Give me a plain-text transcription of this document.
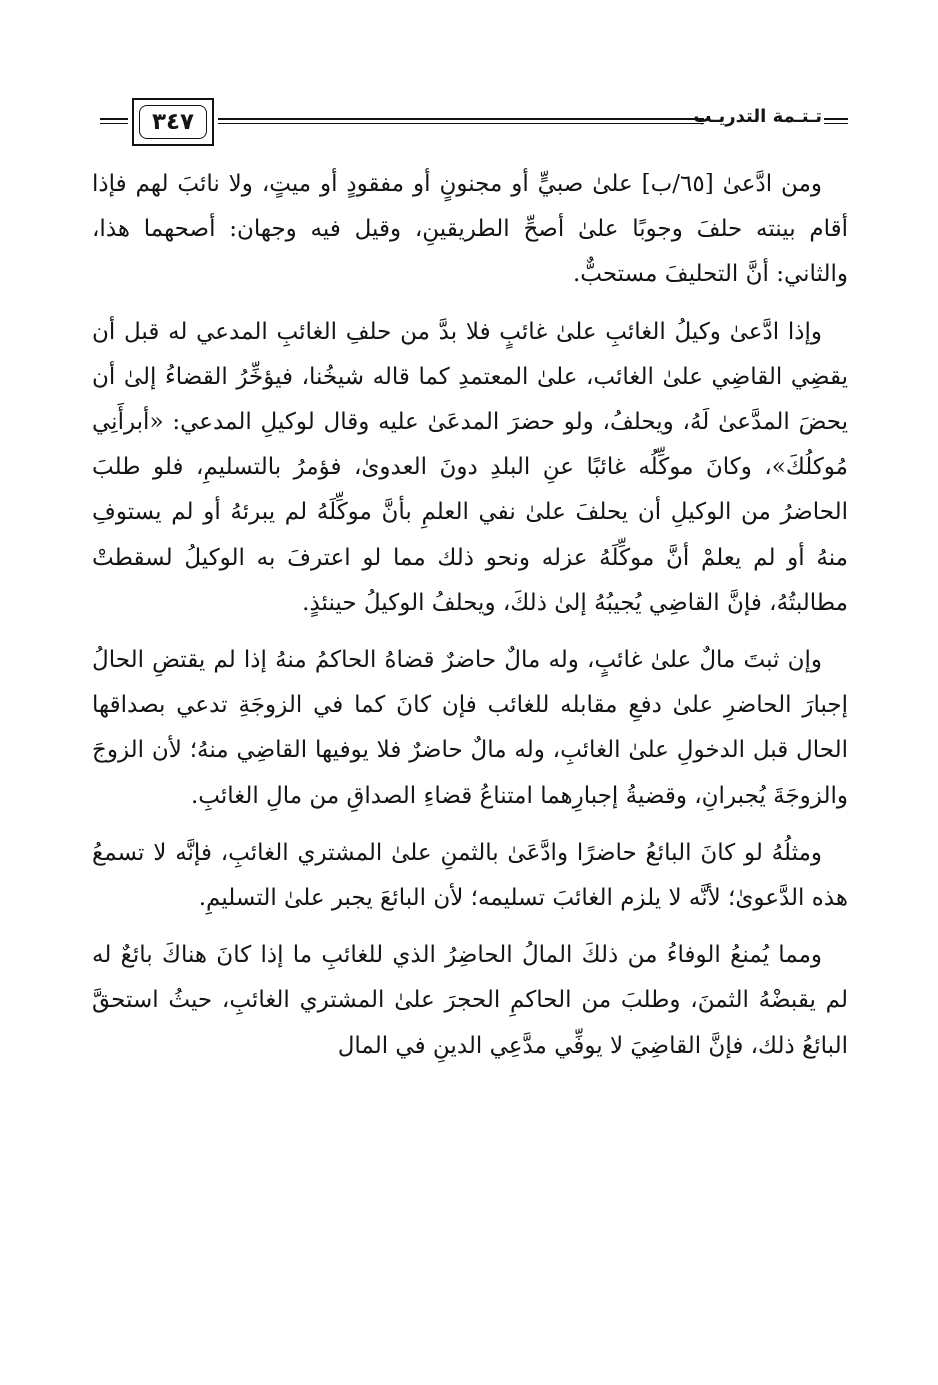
٣٤٧	تـتـمة التدريـب

ومن ادَّعىٰ [٦٥/ب] علىٰ صبيٍّ أو مجنونٍ أو مفقودٍ أو ميتٍ، ولا نائبَ لهم فإذا أقام بينته حلفَ وجوبًا علىٰ أصحِّ الطريقينِ، وقيل فيه وجهان: أصحهما هذا، والثاني: أنَّ التحليفَ مستحبٌّ.

وإذا ادَّعىٰ وكيلُ الغائبِ علىٰ غائبٍ فلا بدَّ من حلفِ الغائبِ المدعي له قبل أن يقضِي القاضِي علىٰ الغائب، علىٰ المعتمدِ كما قاله شيخُنا، فيؤخِّرُ القضاءُ إلىٰ أن يحضَ المدَّعىٰ لَهُ، ويحلفُ، ولو حضرَ المدعَىٰ عليه وقال لوكيلِ المدعي: «أبرأَنِي مُوكلُكَ»، وكانَ موكِّلُه غائبًا عنِ البلدِ دونَ العدوىٰ، فؤمرُ بالتسليمِ، فلو طلبَ الحاضرُ من الوكيلِ أن يحلفَ علىٰ نفي العلمِ بأنَّ موكِّلَهُ لم يبرئهُ أو لم يستوفِ منهُ أو لم يعلمْ أنَّ موكِّلَهُ عزله ونحو ذلك مما لو اعترفَ به الوكيلُ لسقطتْ مطالبتُهُ، فإنَّ القاضِي يُجيبُهُ إلىٰ ذلكَ، ويحلفُ الوكيلُ حينئذٍ.

وإن ثبتَ مالٌ علىٰ غائبٍ، وله مالٌ حاضرٌ قضاهُ الحاكمُ منهُ إذا لم يقتضِ الحالُ إجبارَ الحاضرِ علىٰ دفعِ مقابله للغائب فإن كانَ كما في الزوجَةِ تدعي بصداقها الحال قبل الدخولِ علىٰ الغائبِ، وله مالٌ حاضرٌ فلا يوفيها القاضِي منهُ؛ لأن الزوجَ والزوجَةَ يُجبرانِ، وقضيةُ إجبارِهما امتناعُ قضاءِ الصداقِ من مالِ الغائبِ.

ومثلُهُ لو كانَ البائعُ حاضرًا وادَّعَىٰ بالثمنِ علىٰ المشتري الغائبِ، فإنَّه لا تسمعُ هذه الدَّعوىٰ؛ لأنَّه لا يلزم الغائبَ تسليمه؛ لأن البائعَ يجبر علىٰ التسليمِ.

ومما يُمنعُ الوفاءُ من ذلكَ المالُ الحاضِرُ الذي للغائبِ ما إذا كانَ هناكَ بائعٌ له لم يقبضْهُ الثمنَ، وطلبَ من الحاكمِ الحجرَ علىٰ المشتري الغائبِ، حيثُ استحقَّ البائعُ ذلك، فإنَّ القاضِيَ لا يوفِّي مدَّعِي الدينِ في المال
